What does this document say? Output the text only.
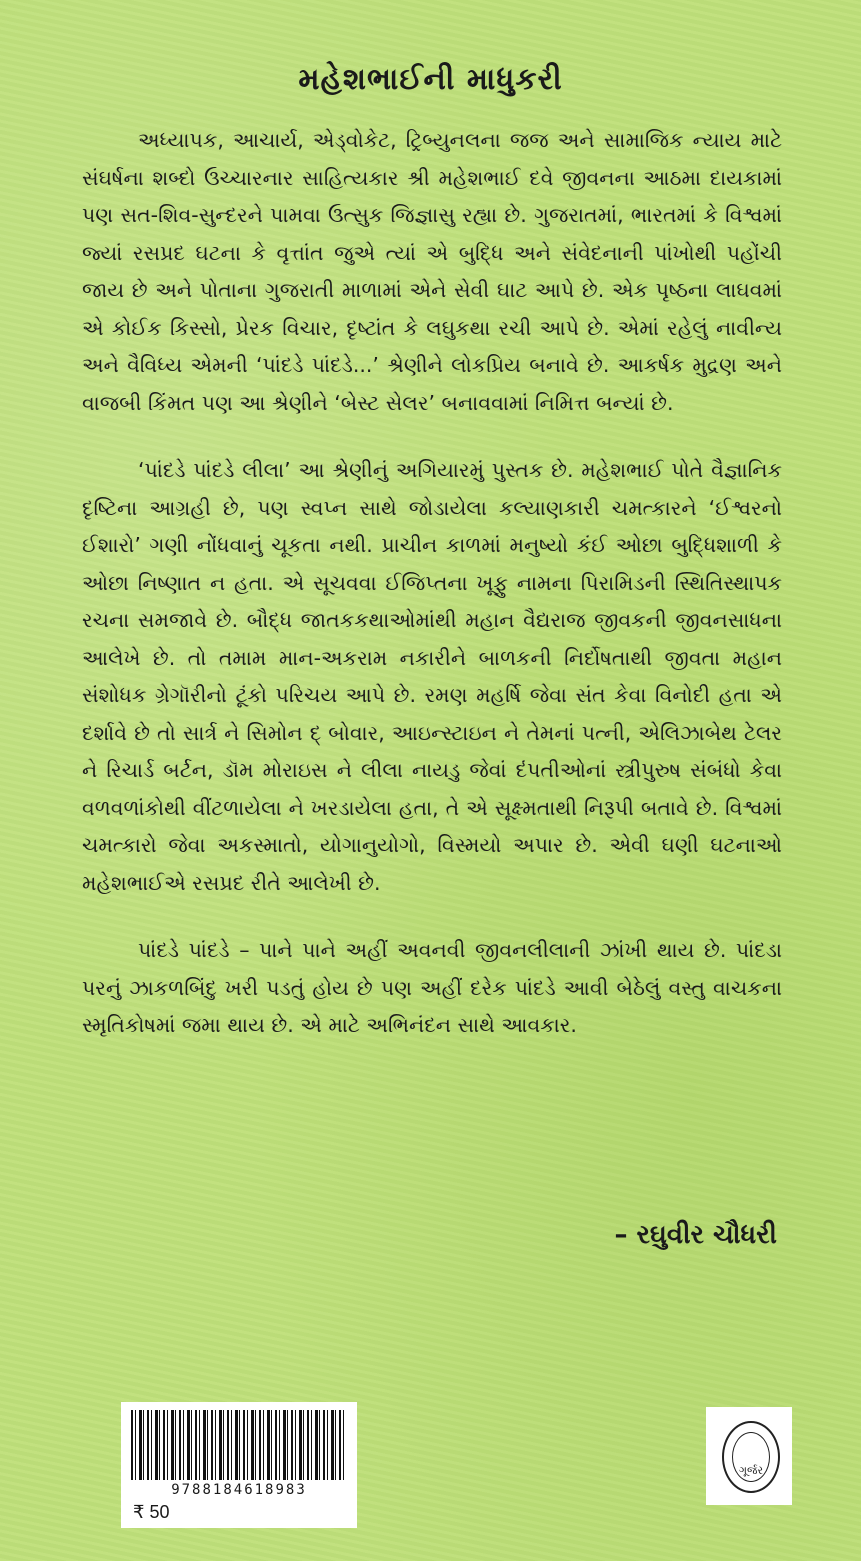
મહેશભાઈની માધુકરી

અધ્યાપક, આચાર્ય, એડ્વોકેટ, ટ્રિબ્યુનલના જજ અને સામાજિક ન્યાય માટે સંઘર્ષના શબ્દો ઉચ્ચારનાર સાહિત્યકાર શ્રી મહેશભાઈ દવે જીવનના આઠમા દાયકામાં પણ સત-શિવ-સુન્દરને પામવા ઉત્સુક જિજ્ઞાસુ રહ્યા છે. ગુજરાતમાં, ભારતમાં કે વિશ્વમાં જ્યાં રસપ્રદ ઘટના કે વૃત્તાંત જુએ ત્યાં એ બુદ્ધિ અને સંવેદનાની પાંખોથી પહોંચી જાય છે અને પોતાના ગુજરાતી માળામાં એને સેવી ઘાટ આપે છે. એક પૃષ્ઠના લાઘવમાં એ કોઈક કિસ્સો, પ્રેરક વિચાર, દૃષ્ટાંત કે લઘુકથા રચી આપે છે. એમાં રહેલું નાવીન્ય અને વૈવિધ્ય એમની ‘પાંદડે પાંદડે...’ શ્રેણીને લોકપ્રિય બનાવે છે. આકર્ષક મુદ્રણ અને વાજબી કિંમત પણ આ શ્રેણીને ‘બેસ્ટ સેલર’ બનાવવામાં નિમિત્ત બન્યાં છે.

‘પાંદડે પાંદડે લીલા’ આ શ્રેણીનું અગિયારમું પુસ્તક છે. મહેશભાઈ પોતે વૈજ્ઞાનિક દૃષ્ટિના આગ્રહી છે, પણ સ્વપ્ન સાથે જોડાયેલા કલ્યાણકારી ચમત્કારને ‘ઈશ્વરનો ઈશારો’ ગણી નોંધવાનું ચૂકતા નથી. પ્રાચીન કાળમાં મનુષ્યો કંઈ ઓછા બુદ્ધિશાળી કે ઓછા નિષ્ણાત ન હતા. એ સૂચવવા ઈજિપ્તના ખૂફુ નામના પિરામિડની સ્થિતિસ્થાપક રચના સમજાવે છે. બૌદ્ધ જાતકકથાઓમાંથી મહાન વૈદ્યરાજ જીવકની જીવનસાધના આલેખે છે. તો તમામ માન-અકરામ નકારીને બાળકની નિર્દોષતાથી જીવતા મહાન સંશોધક ગ્રેગૉરીનો ટૂંકો પરિચય આપે છે. રમણ મહર્ષિ જેવા સંત કેવા વિનોદી હતા એ દર્શાવે છે તો સાર્ત્ર ને સિમોન દ્ બોવાર, આઇન્સ્ટાઇન ને તેમનાં પત્ની, એલિઝાબેથ ટેલર ને રિચાર્ડ બર્ટન, ડૉમ મોરાઇસ ને લીલા નાયડુ જેવાં દંપતીઓનાં સ્ત્રીપુરુષ સંબંધો કેવા વળવળાંકોથી વીંટળાયેલા ને ખરડાયેલા હતા, તે એ સૂક્ષ્મતાથી નિરૂપી બતાવે છે. વિશ્વમાં ચમત્કારો જેવા અકસ્માતો, યોગાનુયોગો, વિસ્મયો અપાર છે. એવી ઘણી ઘટનાઓ મહેશભાઈએ રસપ્રદ રીતે આલેખી છે.

પાંદડે પાંદડે – પાને પાને અહીં અવનવી જીવનલીલાની ઝાંખી થાય છે. પાંદડા પરનું ઝાકળબિંદુ ખરી પડતું હોય છે પણ અહીં દરેક પાંદડે આવી બેઠેલું વસ્તુ વાચકના સ્મૃતિકોષમાં જમા થાય છે. એ માટે અભિનંદન સાથે આવકાર.

– રઘુવીર ચૌધરી
9788184618983
₹ 50
ગૂર્જર
